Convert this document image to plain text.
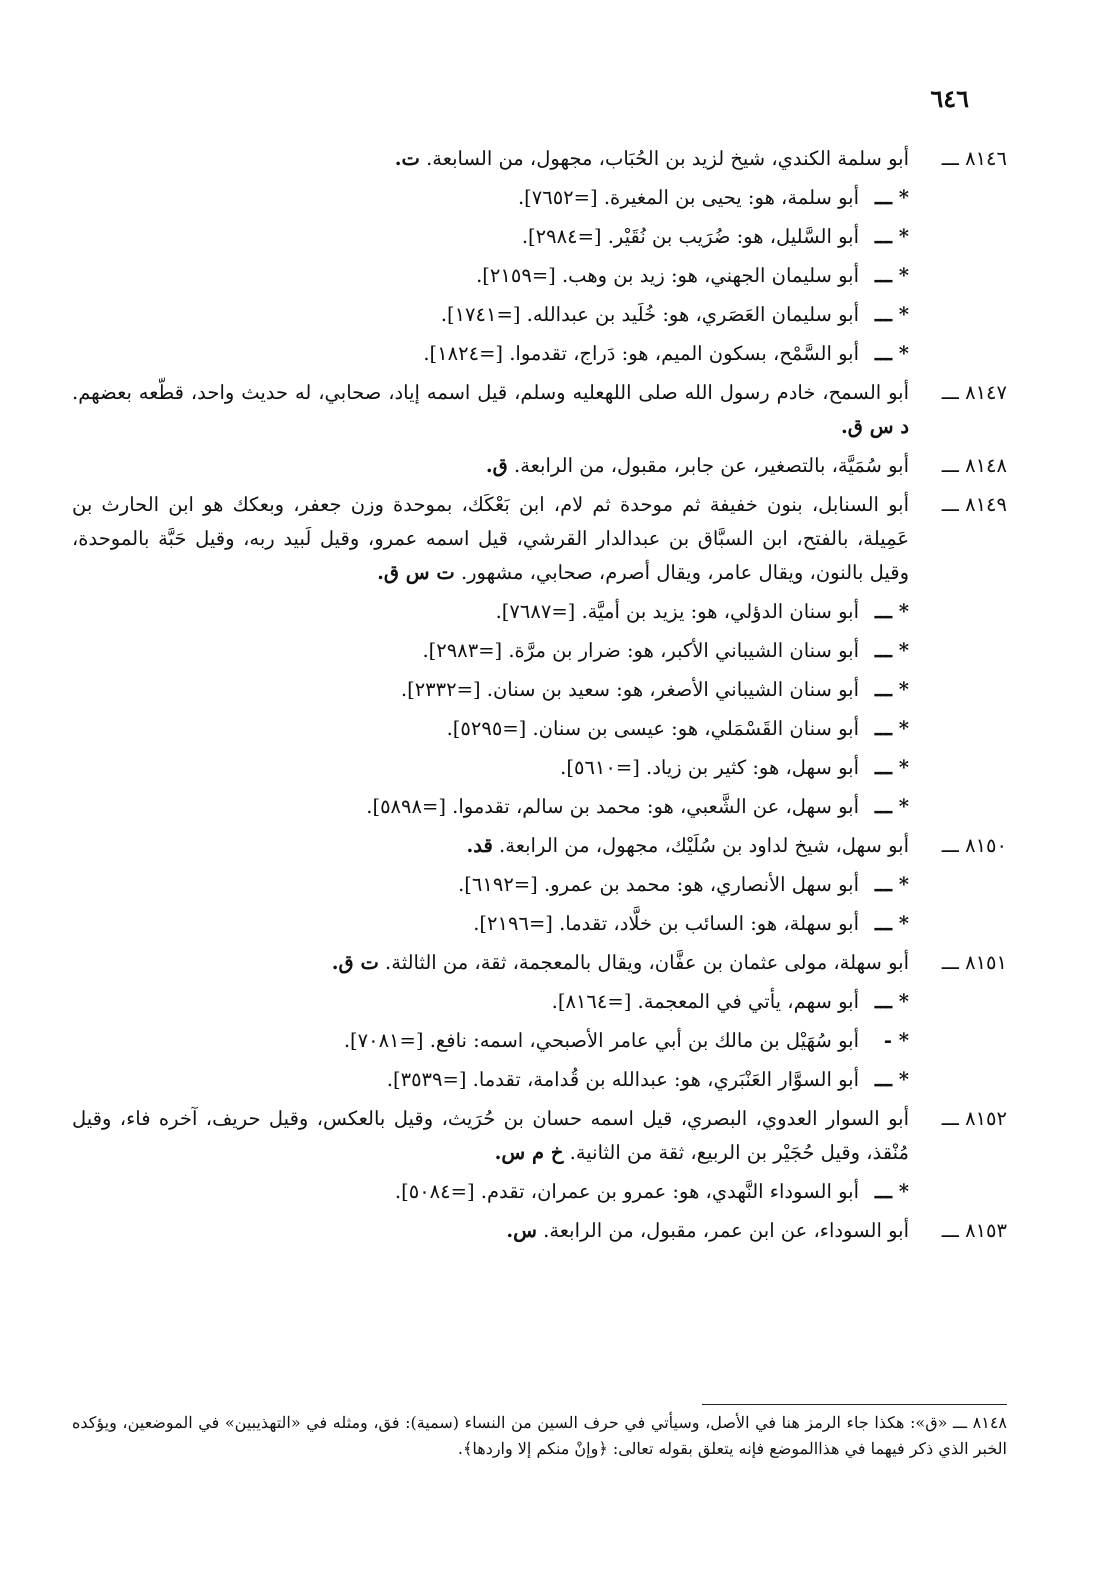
٦٤٦
٨١٤٦ ـــ
أبو سلمة الكندي، شيخ لزيد بن الحُبَاب، مجهول، من السابعة. ت.
* ـــ
أبو سلمة، هو: يحيى بن المغيرة. [=٧٦٥٢].
* ـــ
أبو السَّليل، هو: ضُرَيب بن نُقَيْر. [=٢٩٨٤].
* ـــ
أبو سليمان الجهني، هو: زيد بن وهب. [=٢١٥٩].
* ـــ
أبو سليمان العَصَري، هو: خُلَيد بن عبدالله. [=١٧٤١].
* ـــ
أبو السَّمْح، بسكون الميم، هو: دَراج، تقدموا. [=١٨٢٤].
٨١٤٧ ـــ
أبو السمح، خادم رسول الله صلى اللهعليه وسلم، قيل اسمه إياد، صحابي، له حديث واحد، قطّعه بعضهم. د س ق.
٨١٤٨ ـــ
أبو سُمَيَّة، بالتصغير، عن جابر، مقبول، من الرابعة. ق.
٨١٤٩ ـــ
أبو السنابل، بنون خفيفة ثم موحدة ثم لام، ابن بَعْكَك، بموحدة وزن جعفر، وبعكك هو ابن الحارث بن عَمِيلة، بالفتح، ابن السبَّاق بن عبدالدار القرشي، قيل اسمه عمرو، وقيل لَبيد ربه، وقيل حَبَّة بالموحدة، وقيل بالنون، ويقال عامر، ويقال أصرم، صحابي، مشهور. ت س ق.
* ـــ
أبو سنان الدؤلي، هو: يزيد بن أميَّة. [=٧٦٨٧].
* ـــ
أبو سنان الشيباني الأكبر، هو: ضرار بن مرَّة. [=٢٩٨٣].
* ـــ
أبو سنان الشيباني الأصغر، هو: سعيد بن سنان. [=٢٣٣٢].
* ـــ
أبو سنان القَسْمَلي، هو: عيسى بن سنان. [=٥٢٩٥].
* ـــ
أبو سهل، هو: كثير بن زياد. [=٥٦١٠].
* ـــ
أبو سهل، عن الشَّعبي، هو: محمد بن سالم، تقدموا. [=٥٨٩٨].
٨١٥٠ ـــ
أبو سهل، شيخ لداود بن سُلَيْك، مجهول، من الرابعة. قد.
* ـــ
أبو سهل الأنصاري، هو: محمد بن عمرو. [=٦١٩٢].
* ـــ
أبو سهلة، هو: السائب بن خلَّاد، تقدما. [=٢١٩٦].
٨١٥١ ـــ
أبو سهلة، مولى عثمان بن عفَّان، ويقال بالمعجمة، ثقة، من الثالثة. ت ق.
* ـــ
أبو سهم، يأتي في المعجمة. [=٨١٦٤].
* -
أبو سُهَيْل بن مالك بن أبي عامر الأصبحي، اسمه: نافع. [=٧٠٨١].
* ـــ
أبو السوَّار العَنْبَري، هو: عبدالله بن قُدامة، تقدما. [=٣٥٣٩].
٨١٥٢ ـــ
أبو السوار العدوي، البصري، قيل اسمه حسان بن حُرَيث، وقيل بالعكس، وقيل حريف، آخره فاء، وقيل مُنْقذ، وقيل حُجَيْر بن الربيع، ثقة من الثانية. خ م س.
* ـــ
أبو السوداء النَّهدي، هو: عمرو بن عمران، تقدم. [=٥٠٨٤].
٨١٥٣ ـــ
أبو السوداء، عن ابن عمر، مقبول، من الرابعة. س.
٨١٤٨ ـــ «ق»: هكذا جاء الرمز هنا في الأصل، وسيأتي في حرف السين من النساء (سمية): فق، ومثله في «التهذيبين» في الموضعين، ويؤكده الخبر الذي ذكر فيهما في هذاالموضع فإنه يتعلق بقوله تعالى: ﴿وإنْ منكم إلا واردها﴾.
